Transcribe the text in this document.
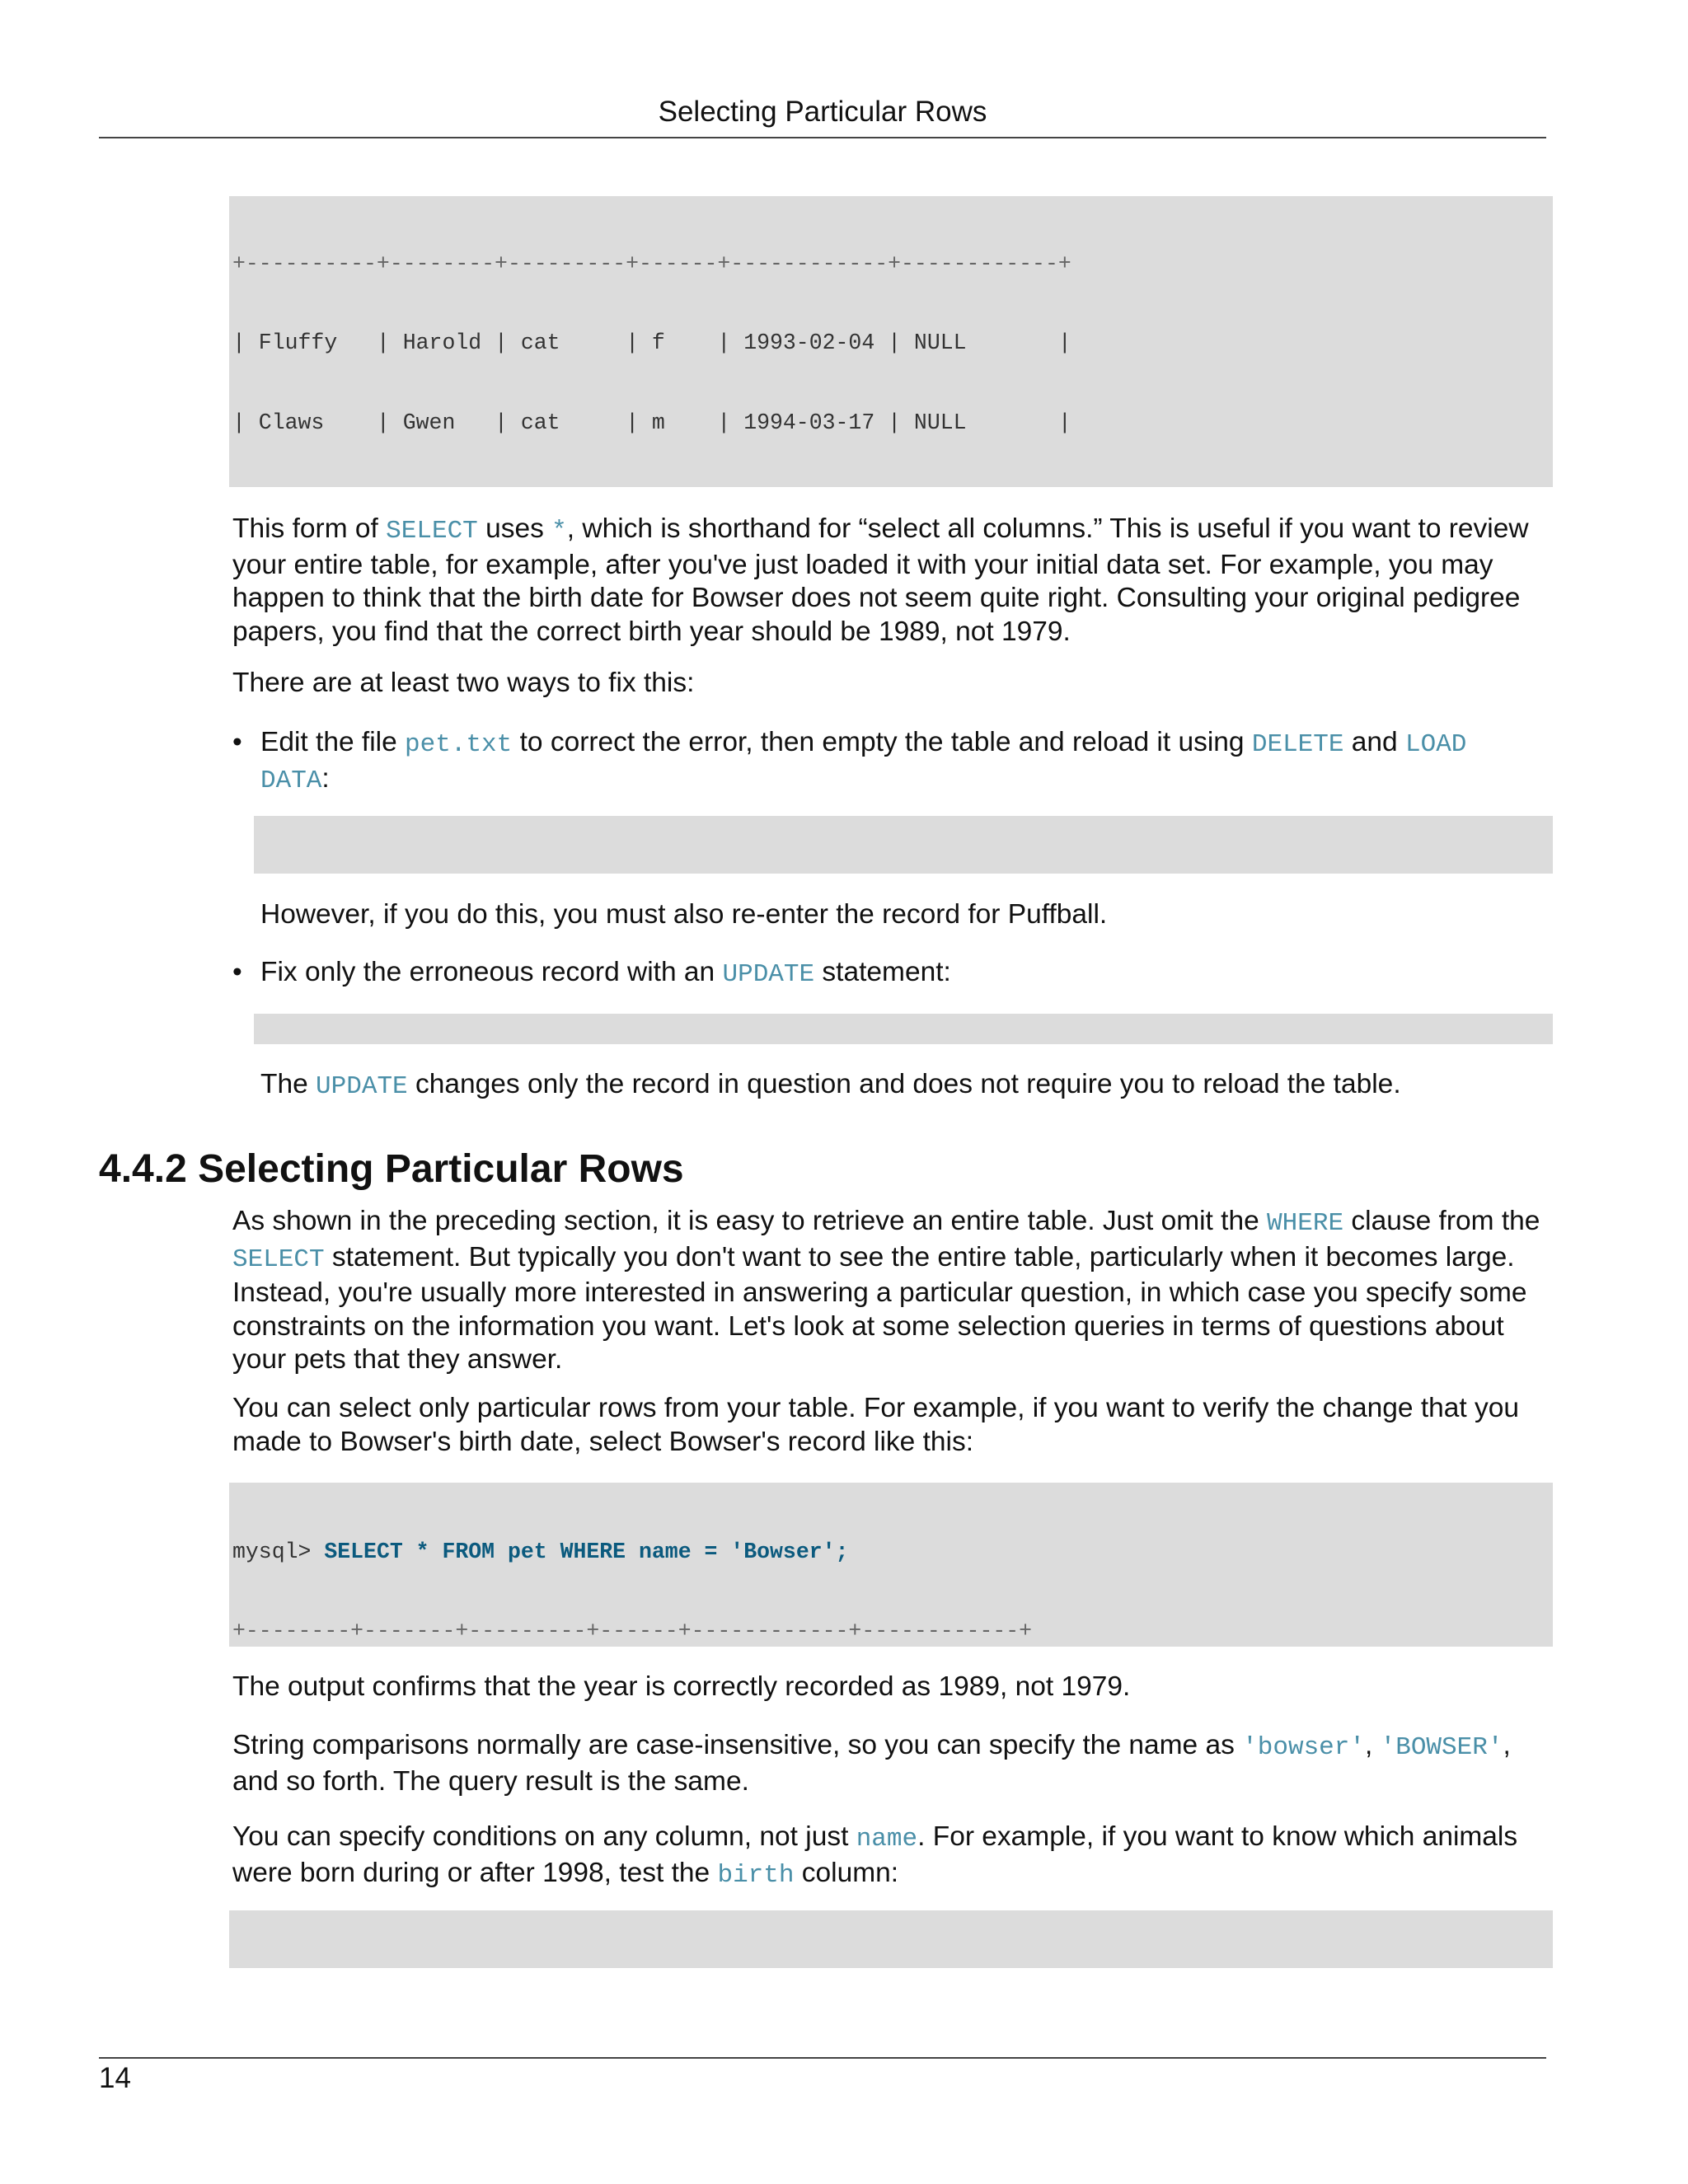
Selecting Particular Rows

+----------+--------+---------+------+------------+------------+

| Fluffy   | Harold | cat     | f    | 1993-02-04 | NULL       |

| Claws    | Gwen   | cat     | m    | 1994-03-17 | NULL       |

This form of SELECT uses *, which is shorthand for “select all columns.” This is useful if you want to review your entire table, for example, after you've just loaded it with your initial data set. For example, you may happen to think that the birth date for Bowser does not seem quite right. Consulting your original pedigree papers, you find that the correct birth year should be 1989, not 1979.
There are at least two ways to fix this:
• Edit the file pet.txt to correct the error, then empty the table and reload it using DELETE and LOAD DATA:

However, if you do this, you must also re-enter the record for Puffball.
• Fix only the erroneous record with an UPDATE statement:

The UPDATE changes only the record in question and does not require you to reload the table.
4.4.2 Selecting Particular Rows
As shown in the preceding section, it is easy to retrieve an entire table. Just omit the WHERE clause from the SELECT statement. But typically you don't want to see the entire table, particularly when it becomes large. Instead, you're usually more interested in answering a particular question, in which case you specify some constraints on the information you want. Let's look at some selection queries in terms of questions about your pets that they answer.
You can select only particular rows from your table. For example, if you want to verify the change that you made to Bowser's birth date, select Bowser's record like this:

mysql> SELECT * FROM pet WHERE name = 'Bowser';

+--------+-------+---------+------+------------+------------+

The output confirms that the year is correctly recorded as 1989, not 1979.
String comparisons normally are case-insensitive, so you can specify the name as 'bowser', 'BOWSER', and so forth. The query result is the same.
You can specify conditions on any column, not just name. For example, if you want to know which animals were born during or after 1998, test the birth column:

14
